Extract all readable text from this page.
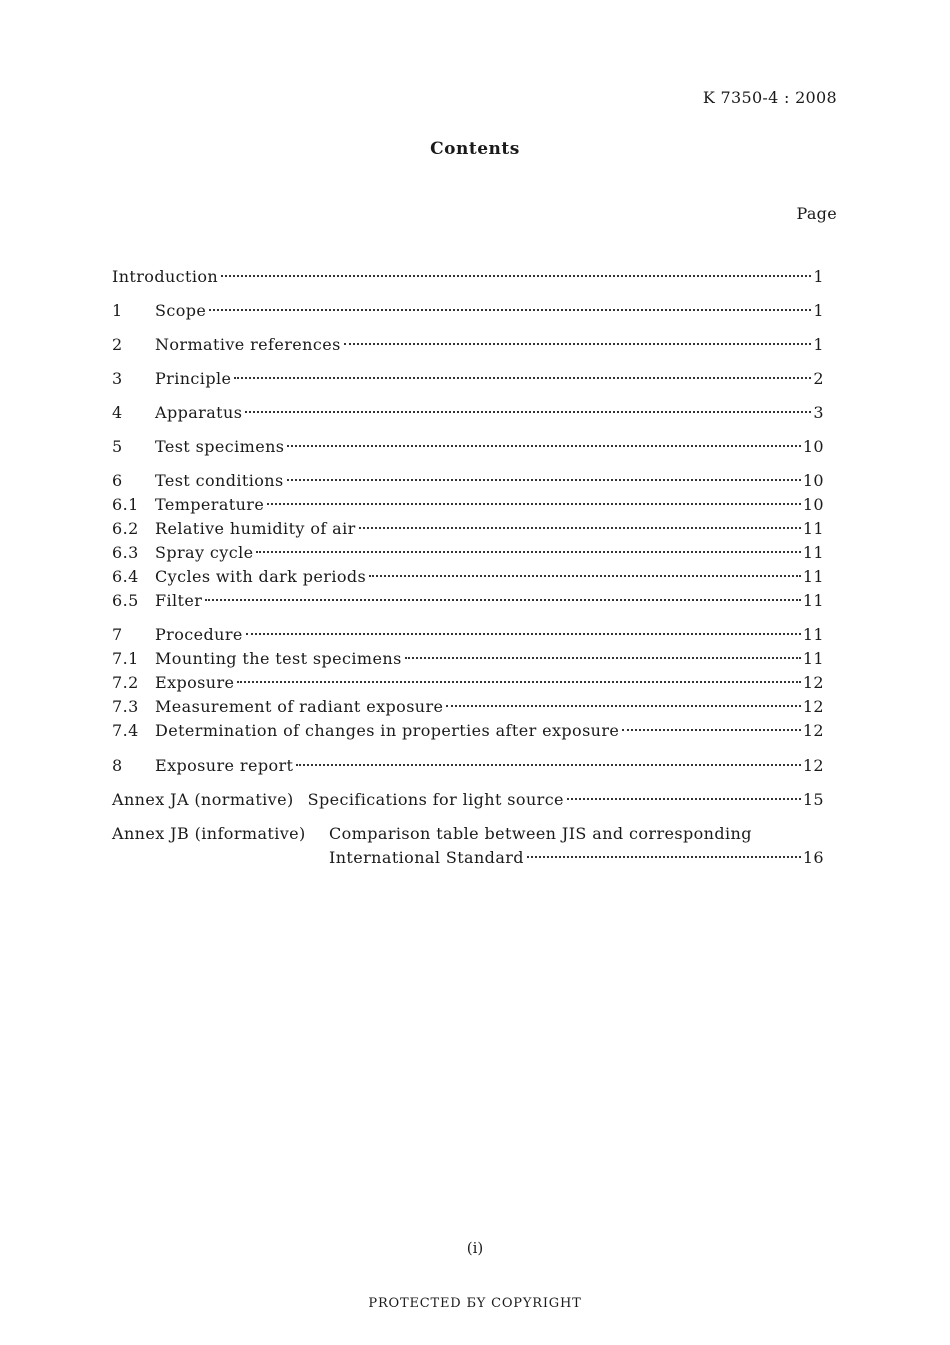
K 7350-4 : 2008
Contents
Page
Introduction	1
1	Scope	1
2	Normative references	1
3	Principle	2
4	Apparatus	3
5	Test specimens	10
6	Test conditions	10
6.1	Temperature	10
6.2	Relative humidity of air	11
6.3	Spray cycle	11
6.4	Cycles with dark periods	11
6.5	Filter	11
7	Procedure	11
7.1	Mounting the test specimens	11
7.2	Exposure	12
7.3	Measurement of radiant exposure	12
7.4	Determination of changes in properties after exposure	12
8	Exposure report	12
Annex JA (normative) Specifications for light source	15
Annex JB (informative) Comparison table between JIS and corresponding
International Standard	16
(i)
PROTECTED БY COPYRIGHT
